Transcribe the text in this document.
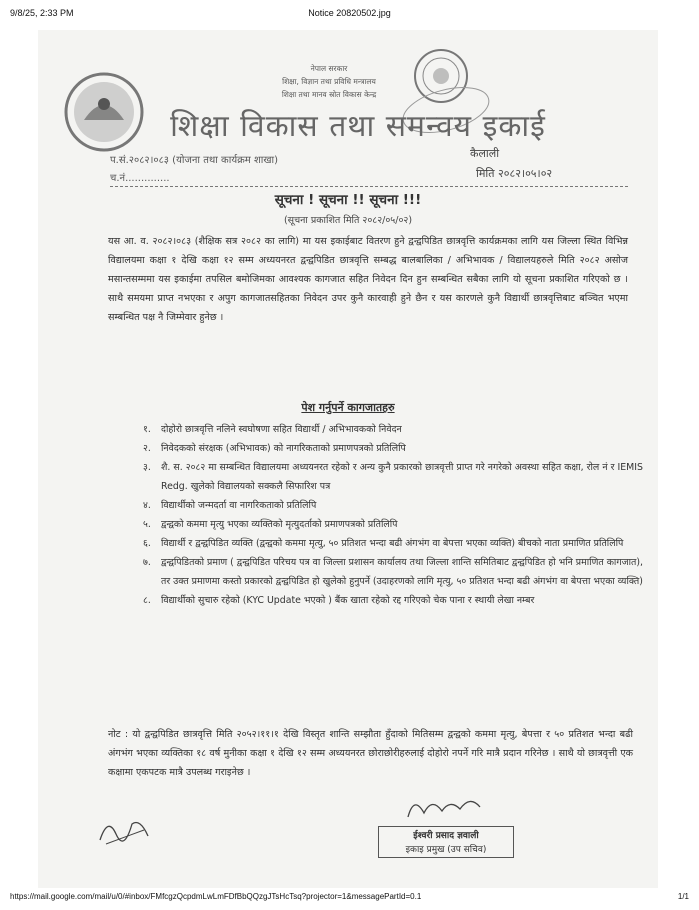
9/8/25, 2:33 PM	Notice 20820502.jpg
नेपाल सरकार
शिक्षा, विज्ञान तथा प्रविधि मन्त्रालय
शिक्षा तथा मानव स्रोत विकास केन्द्र
शिक्षा विकास तथा समन्वय इकाई
प.सं.२०८२।०८३ (योजना तथा कार्यक्रम शाखा)
च.नं..............
कैलाली
मिति २०८२।०५।०२
सूचना ! सूचना !! सूचना !!!
(सूचना प्रकाशित मिति २०८२/०५/०२)
यस आ. व. २०८२।०८३ (शैक्षिक सत्र २०८२ का लागि) मा यस इकाईबाट वितरण हुने द्वन्द्वपिडित छात्रवृत्ति कार्यक्रमका लागि यस जिल्ला स्थित विभिन्न विद्यालयमा कक्षा १ देखि कक्षा १२ सम्म अध्ययनरत द्वन्द्वपिडित छात्रवृत्ति सम्बद्ध बालबालिका / अभिभावक / विद्यालयहरुले मिति २०८२ असोज मसान्तसम्ममा यस इकाईमा तपसिल बमोजिमका आवश्यक कागजात सहित निवेदन दिन हुन सम्बन्धित सबैका लागि यो सूचना प्रकाशित गरिएको छ । साथै समयमा प्राप्त नभएका र अपुग कागजातसहितका निवेदन उपर कुनै कारवाही हुने छैन र यस कारणले कुनै विद्यार्थी छात्रवृत्तिबाट बञ्चित भएमा सम्बन्धित पक्ष नै जिम्मेवार हुनेछ ।
पेश गर्नुपर्ने कागजातहरु
१.	दोहोरो छात्रवृत्ति नलिने स्वघोषणा सहित विद्यार्थी / अभिभावकको निवेदन
२.	निवेदकको संरक्षक (अभिभावक) को नागरिकताको प्रमाणपत्रको प्रतिलिपि
३.	शै. स. २०८२ मा सम्बन्धित विद्यालयमा अध्ययनरत रहेको र अन्य कुनै प्रकारको छात्रवृत्ती प्राप्त गरे नगरेको अवस्था सहित कक्षा, रोल नं र IEMIS Redg. खुलेको विद्यालयको सक्कलै सिफारिश पत्र
४.	विद्यार्थीको जन्मदर्ता वा नागरिकताको प्रतिलिपि
५.	द्वन्द्वको कममा मृत्यु भएका व्यक्तिको मृत्युदर्ताको प्रमाणपत्रको प्रतिलिपि
६.	विद्यार्थी र द्वन्द्वपिडित व्यक्ति (द्वन्द्वको कममा मृत्यु, ५० प्रतिशत भन्दा बढी अंगभंग वा बेपत्ता भएका व्यक्ति) बीचको नाता प्रमाणित प्रतिलिपि
७.	द्वन्द्वपिडितको प्रमाण ( द्वन्द्वपिडित परिचय पत्र वा जिल्ला प्रशासन कार्यालय तथा जिल्ला शान्ति समितिबाट द्वन्द्वपिडित हो भनि प्रमाणित कागजात), तर उक्त प्रमाणमा कस्तो प्रकारको द्वन्द्वपिडित हो खुलेको हुनुपर्ने (उदाहरणको लागि मृत्यु, ५० प्रतिशत भन्दा बढी अंगभंग वा बेपत्ता भएका व्यक्ति)
८.	विद्यार्थीको सुचारु रहेको (KYC Update भएको ) बैंक खाता रहेको रद्द गरिएको चेक पाना र स्थायी लेखा नम्बर
नोट : यो द्वन्द्वपिडित छात्रवृत्ति मिति २०५२।११।१ देखि विस्तृत शान्ति सम्झौता हुँदाको मितिसम्म द्वन्द्वको कममा मृत्यु, बेपत्ता र ५० प्रतिशत भन्दा बढी अंगभंग भएका व्यक्तिका १८ वर्ष मुनीका कक्षा १ देखि १२ सम्म अध्ययनरत छोराछोरीहरुलाई दोहोरो नपर्ने गरि मात्रै प्रदान गरिनेछ । साथै यो छात्रवृत्ती एक कक्षामा एकपटक मात्रै उपलब्ध गराइनेछ ।
ईश्वरी प्रसाद ज्ञवाली
इकाइ प्रमुख (उप सचिव)
https://mail.google.com/mail/u/0/#inbox/FMfcgzQcpdmLwLmFDfBbQQzgJTsHcTsq?projector=1&messagePartId=0.1	1/1
